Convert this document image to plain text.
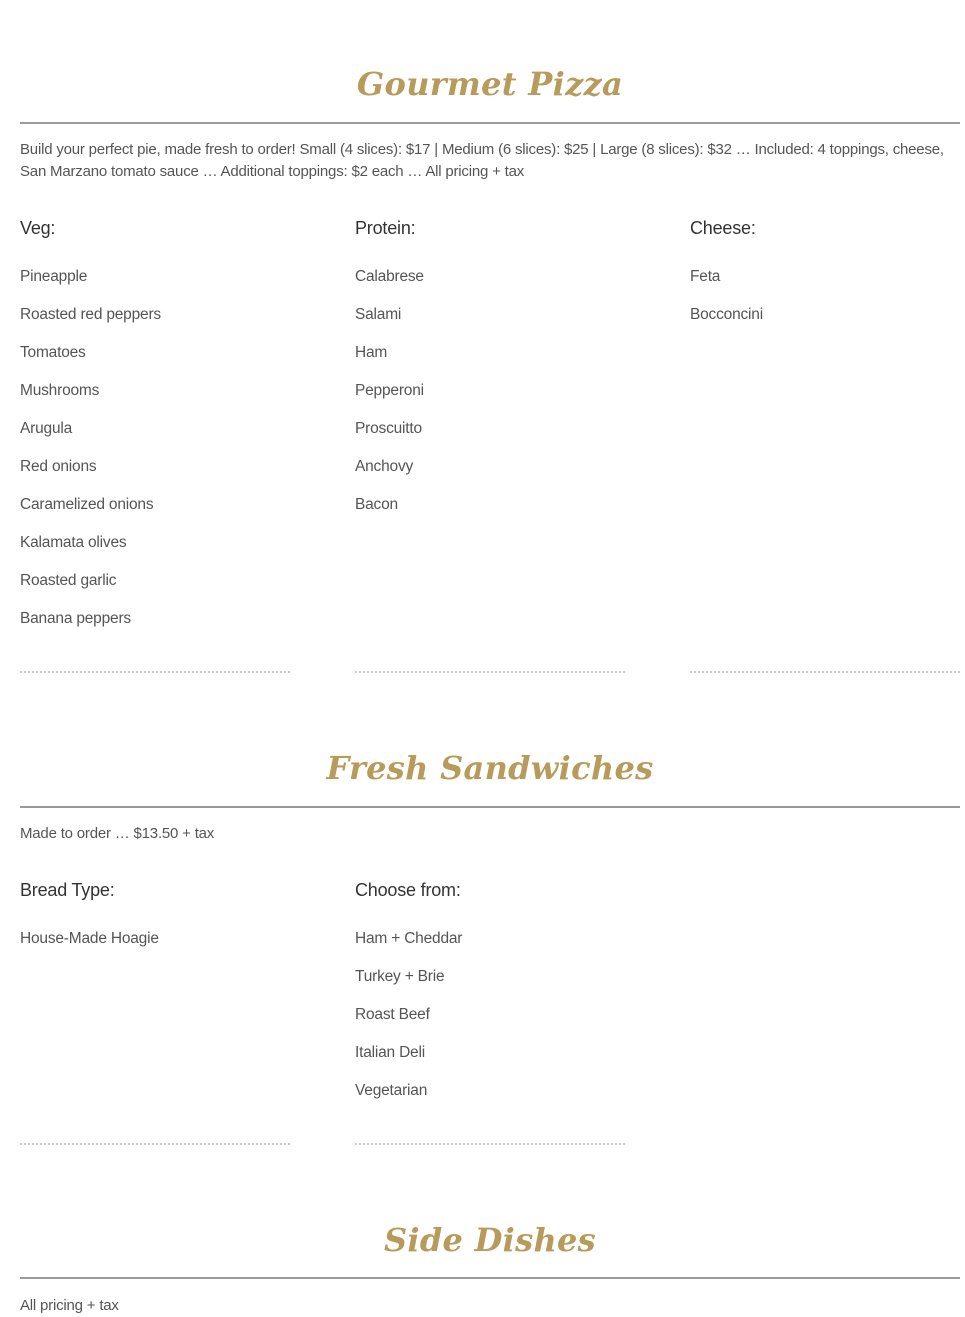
Gourmet Pizza

Build your perfect pie, made fresh to order! Small (4 slices): $17 | Medium (6 slices): $25 | Large (8 slices): $32 … Included: 4 toppings, cheese, San Marzano tomato sauce … Additional toppings: $2 each … All pricing + tax

Veg:

Pineapple
Roasted red peppers
Tomatoes
Mushrooms
Arugula
Red onions
Caramelized onions
Kalamata olives
Roasted garlic
Banana peppers

Protein:

Calabrese
Salami
Ham
Pepperoni
Proscuitto
Anchovy
Bacon

Cheese:

Feta
Bocconcini
Fresh Sandwiches

Made to order … $13.50 + tax

Bread Type:

House-Made Hoagie

Choose from:

Ham + Cheddar
Turkey + Brie
Roast Beef
Italian Deli
Vegetarian
Side Dishes

All pricing + tax
